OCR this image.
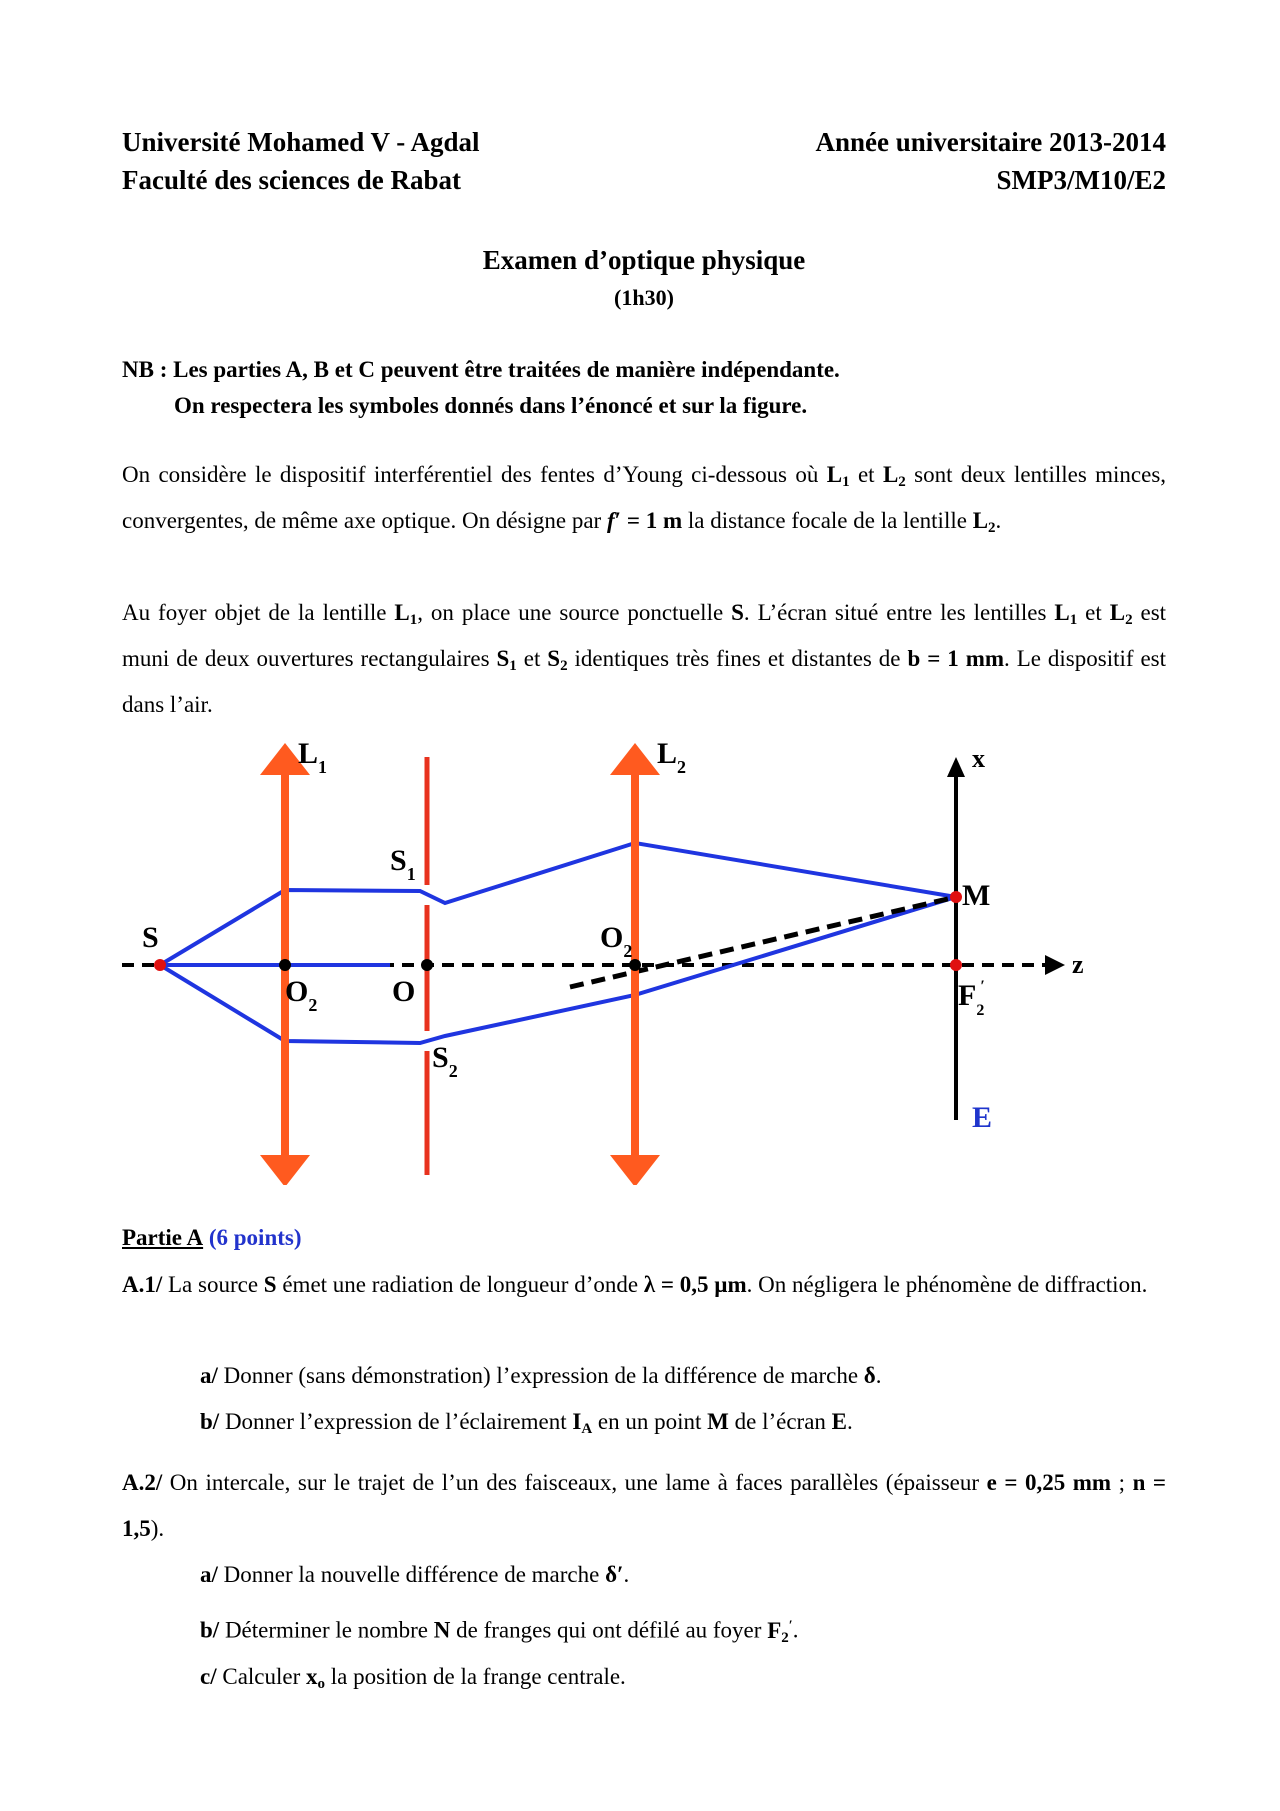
Université Mohamed V - Agdal
Faculté des sciences de Rabat
Année universitaire 2013-2014
SMP3/M10/E2
Examen d’optique physique
(1h30)
NB : Les parties A, B et C peuvent être traitées de manière indépendante.
On respectera les symboles donnés dans l’énoncé et sur la figure.
On considère le dispositif interférentiel des fentes d’Young ci-dessous où $L_1$ et $L_2$ sont deux lentilles minces, convergentes, de même axe optique. On désigne par f′ = 1 m la distance focale de la lentille $L_2$.
Au foyer objet de la lentille $L_1$, on place une source ponctuelle S. L’écran situé entre les lentilles $L_1$ et $L_2$ est muni de deux ouvertures rectangulaires $S_1$ et $S_2$ identiques très fines et distantes de b = 1 mm. Le dispositif est dans l’air.
$L_1$	$L_2$	x
z
$S_1$
$S_2$
S
$O_2$ O
$O_2$
M
$F_2'$
E
Partie A (6 points)
A.1/ La source S émet une radiation de longueur d’onde λ = 0,5 µm. On négligera le phénomène de diffraction.
a/ Donner (sans démonstration) l’expression de la différence de marche δ.
b/ Donner l’expression de l’éclairement $I_A$ en un point M de l’écran E.
A.2/ On intercale, sur le trajet de l’un des faisceaux, une lame à faces parallèles (épaisseur e = 0,25 mm ; n = 1,5).
a/ Donner la nouvelle différence de marche δ′.
b/ Déterminer le nombre N de franges qui ont défilé au foyer $F_2'$.
c/ Calculer $x_o$ la position de la frange centrale.
